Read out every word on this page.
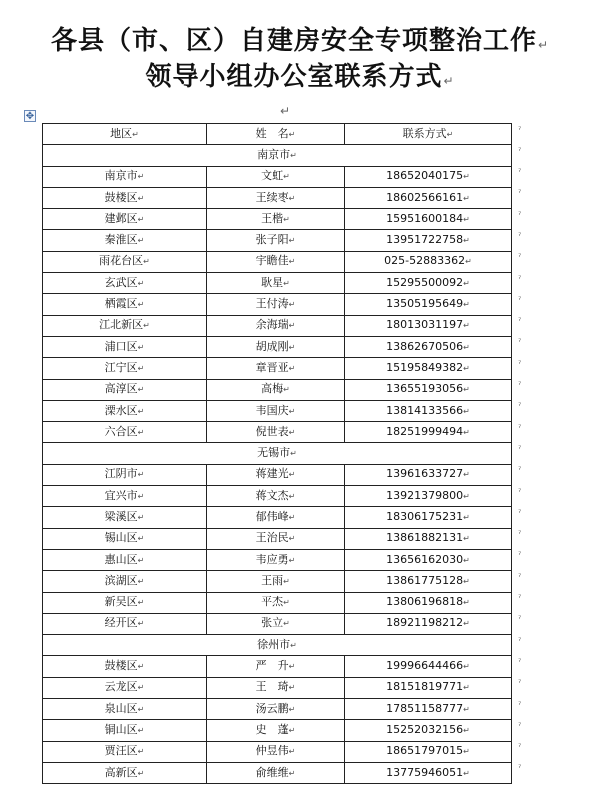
各县（市、区）自建房安全专项整治工作↵
领导小组办公室联系方式↵
↵
✥
地区↵	姓　名↵	联系方式↵
南京市↵		
南京市↵	文虹↵	18652040175↵
鼓楼区↵	王续枣↵	18602566161↵
建邺区↵	王楷↵	15951600184↵
秦淮区↵	张子阳↵	13951722758↵
雨花台区↵	宇瞻佳↵	025-52883362↵
玄武区↵	耿星↵	15295500092↵
栖霞区↵	王付涛↵	13505195649↵
江北新区↵	余海瑞↵	18013031197↵
浦口区↵	胡成刚↵	13862670506↵
江宁区↵	章晋亚↵	15195849382↵
高淳区↵	高梅↵	13655193056↵
溧水区↵	韦国庆↵	13814133566↵
六合区↵	倪世表↵	18251999494↵
无锡市↵		
江阴市↵	蒋建光↵	13961633727↵
宜兴市↵	蒋文杰↵	13921379800↵
梁溪区↵	郁伟峰↵	18306175231↵
锡山区↵	王治民↵	13861882131↵
惠山区↵	韦应勇↵	13656162030↵
滨湖区↵	王雨↵	13861775128↵
新吴区↵	平杰↵	13806196818↵
经开区↵	张立↵	18921198212↵
徐州市↵		
鼓楼区↵	严　升↵	19996644466↵
云龙区↵	王　琦↵	18151819771↵
泉山区↵	汤云鹏↵	17851158777↵
铜山区↵	史　蓬↵	15252032156↵
贾汪区↵	仲昱伟↵	18651797015↵
高新区↵	俞维维↵	13775946051↵
ˀ
ˀ
ˀ
ˀ
ˀ
ˀ
ˀ
ˀ
ˀ
ˀ
ˀ
ˀ
ˀ
ˀ
ˀ
ˀ
ˀ
ˀ
ˀ
ˀ
ˀ
ˀ
ˀ
ˀ
ˀ
ˀ
ˀ
ˀ
ˀ
ˀ
ˀ
